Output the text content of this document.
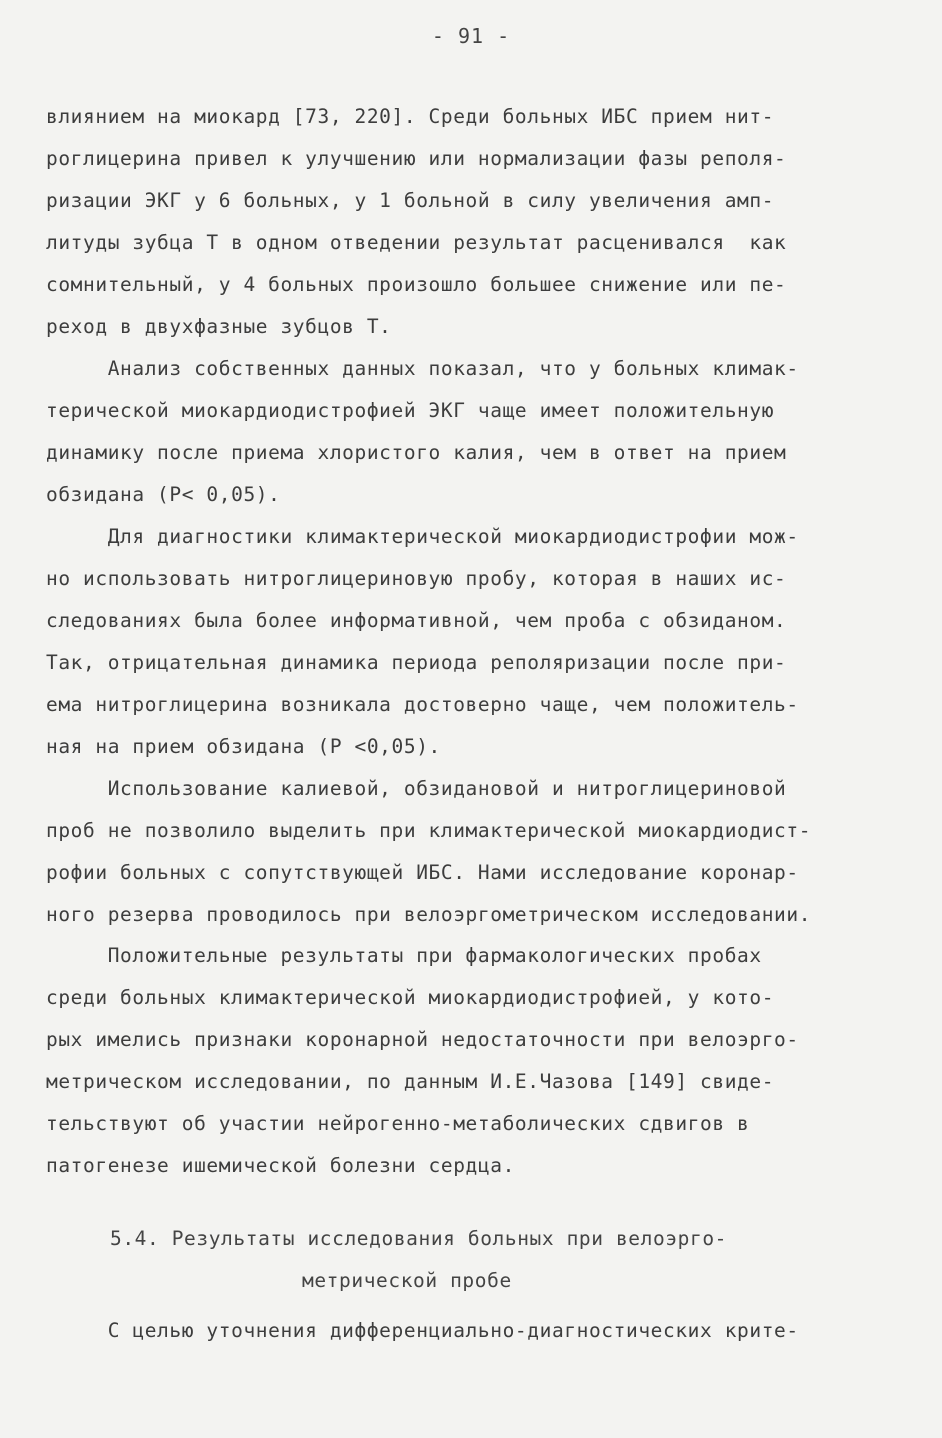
- 91 -
влиянием на миокард [73, 220]. Среди больных ИБС прием нит-
роглицерина привел к улучшению или нормализации фазы реполя-
ризации ЭКГ у 6 больных, у 1 больной в силу увеличения амп-
литуды зубца Т в одном отведении результат расценивался  как
сомнительный, у 4 больных произошло большее снижение или пе-
реход в двухфазные зубцов Т.
Анализ собственных данных показал, что у больных климак-
терической миокардиодистрофией ЭКГ чаще имеет положительную
динамику после приема хлористого калия, чем в ответ на прием
обзидана (P< 0,05).
Для диагностики климактерической миокардиодистрофии мож-
но использовать нитроглицериновую пробу, которая в наших ис-
следованиях была более информативной, чем проба с обзиданом.
Так, отрицательная динамика периода реполяризации после при-
ема нитроглицерина возникала достоверно чаще, чем положитель-
ная на прием обзидана (P <0,05).
Использование калиевой, обзидановой и нитроглицериновой
проб не позволило выделить при климактерической миокардиодист-
рофии больных с сопутствующей ИБС. Нами исследование коронар-
ного резерва проводилось при велоэргометрическом исследовании.
Положительные результаты при фармакологических пробах
среди больных климактерической миокардиодистрофией, у кото-
рых имелись признаки коронарной недостаточности при велоэрго-
метрическом исследовании, по данным И.Е.Чазова [149] свиде-
тельствуют об участии нейрогенно-метаболических сдвигов в
патогенезе ишемической болезни сердца.
5.4. Результаты исследования больных при велоэрго-
метрической пробе
С целью уточнения дифференциально-диагностических крите-
